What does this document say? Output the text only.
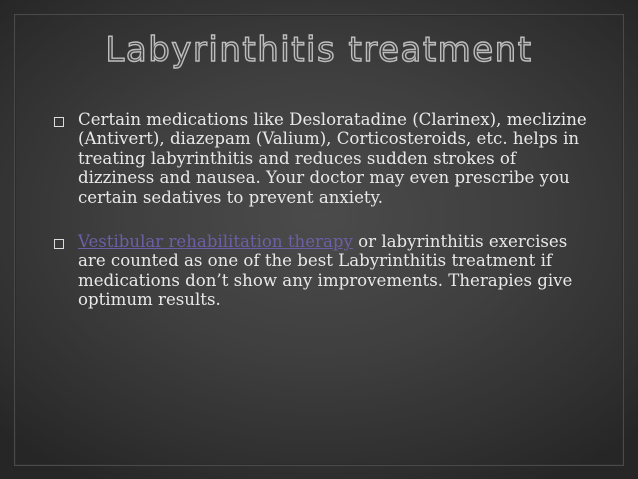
Labyrinthitis treatment

Certain medications like Desloratadine (Clarinex), meclizine (Antivert), diazepam (Valium), Corticosteroids, etc. helps in treating labyrinthitis and reduces sudden strokes of dizziness and nausea. Your doctor may even prescribe you certain sedatives to prevent anxiety.

Vestibular rehabilitation therapy or labyrinthitis exercises are counted as one of the best Labyrinthitis treatment if medications don’t show any improvements. Therapies give optimum results.
